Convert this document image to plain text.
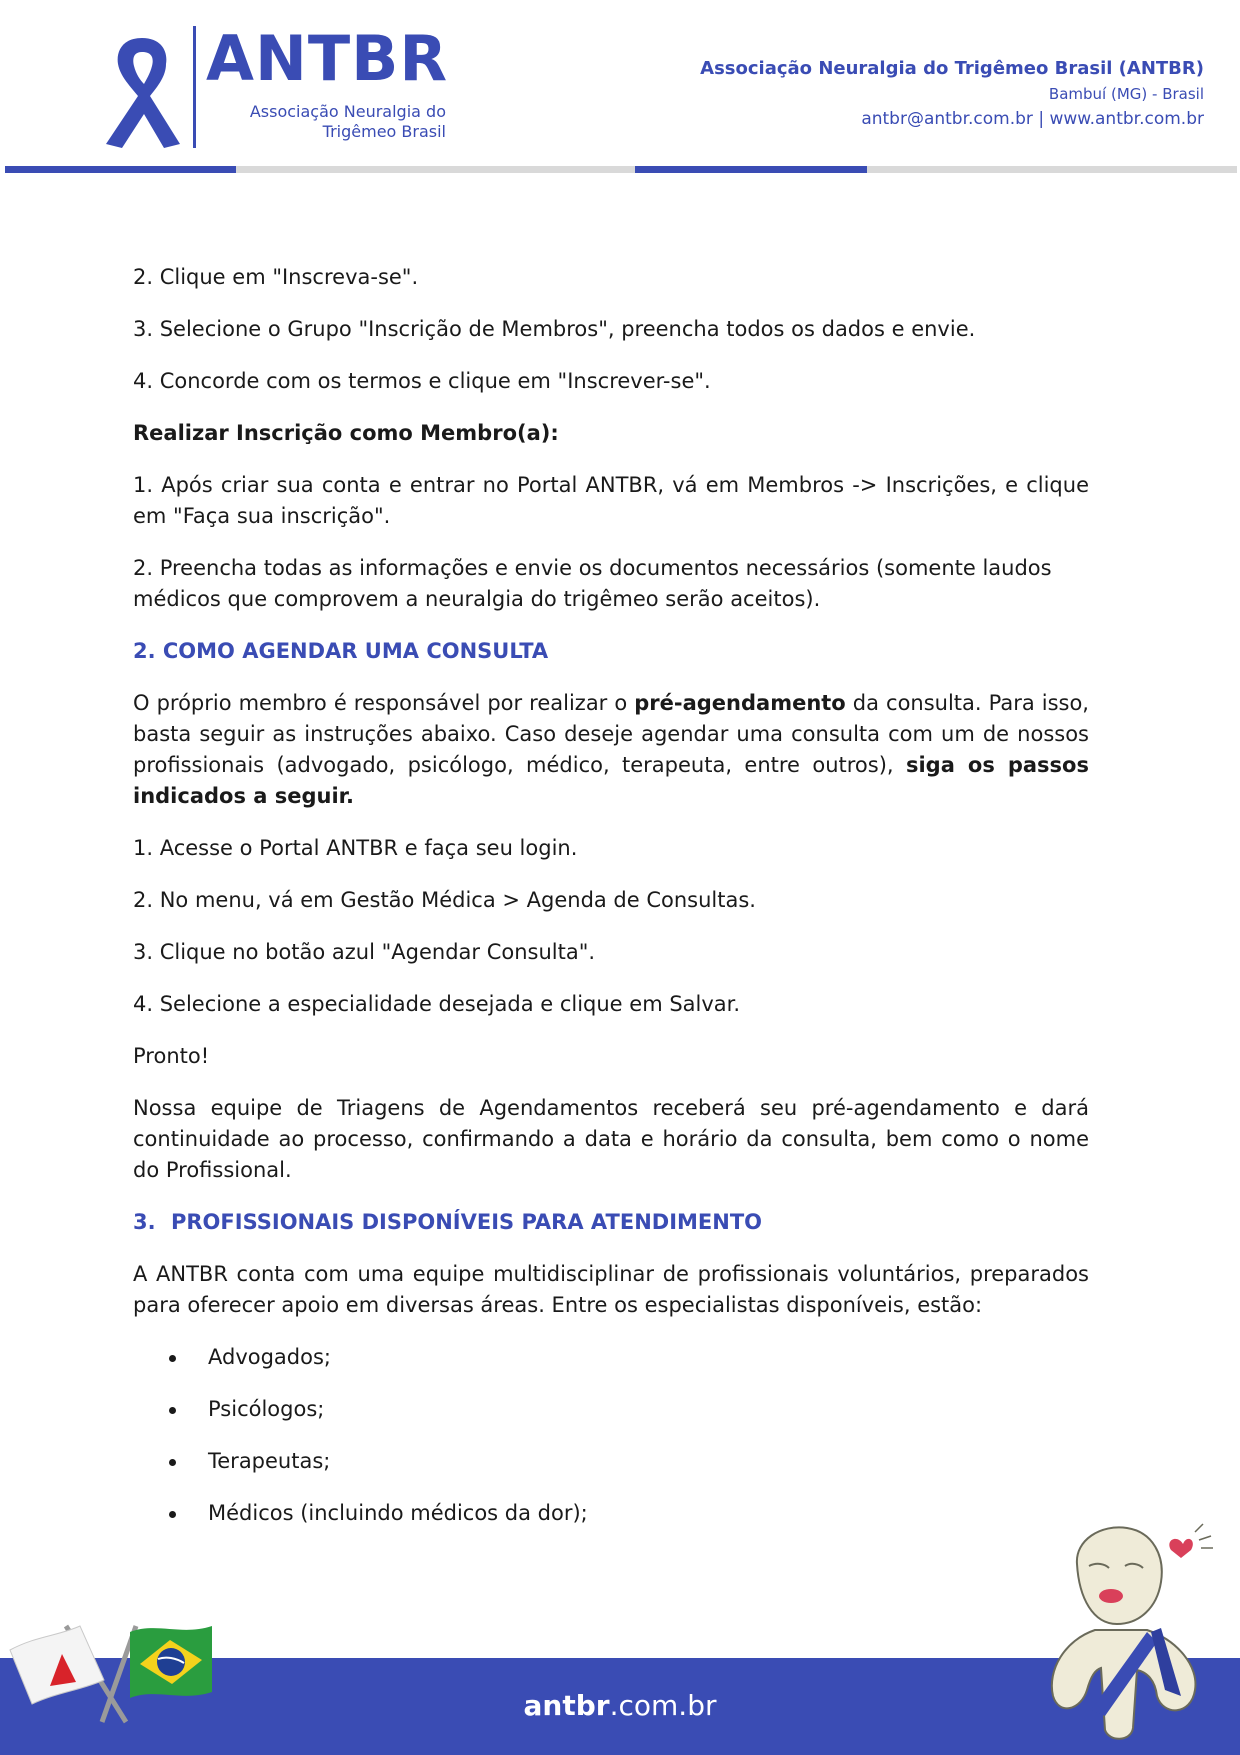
ANTBR
Associação Neuralgia do
Trigêmeo Brasil
Associação Neuralgia do Trigêmeo Brasil (ANTBR)
Bambuí (MG) - Brasil
antbr@antbr.com.br | www.antbr.com.br

2. Clique em "Inscreva-se".

3. Selecione o Grupo "Inscrição de Membros", preencha todos os dados e envie.

4. Concorde com os termos e clique em "Inscrever-se".

Realizar Inscrição como Membro(a):

1. Após criar sua conta e entrar no Portal ANTBR, vá em Membros -> Inscrições, e clique em "Faça sua inscrição".

2. Preencha todas as informações e envie os documentos necessários (somente laudos médicos que comprovem a neuralgia do trigêmeo serão aceitos).

2. COMO AGENDAR UMA CONSULTA

O próprio membro é responsável por realizar o pré-agendamento da consulta. Para isso, basta seguir as instruções abaixo. Caso deseje agendar uma consulta com um de nossos profissionais (advogado, psicólogo, médico, terapeuta, entre outros), siga os passos indicados a seguir.

1. Acesse o Portal ANTBR e faça seu login.

2. No menu, vá em Gestão Médica > Agenda de Consultas.

3. Clique no botão azul "Agendar Consulta".

4. Selecione a especialidade desejada e clique em Salvar.

Pronto!

Nossa equipe de Triagens de Agendamentos receberá seu pré-agendamento e dará continuidade ao processo, confirmando a data e horário da consulta, bem como o nome do Profissional.

3. PROFISSIONAIS DISPONÍVEIS PARA ATENDIMENTO

A ANTBR conta com uma equipe multidisciplinar de profissionais voluntários, preparados para oferecer apoio em diversas áreas. Entre os especialistas disponíveis, estão:

Advogados;
Psicólogos;
Terapeutas;
Médicos (incluindo médicos da dor);
antbr.com.br
